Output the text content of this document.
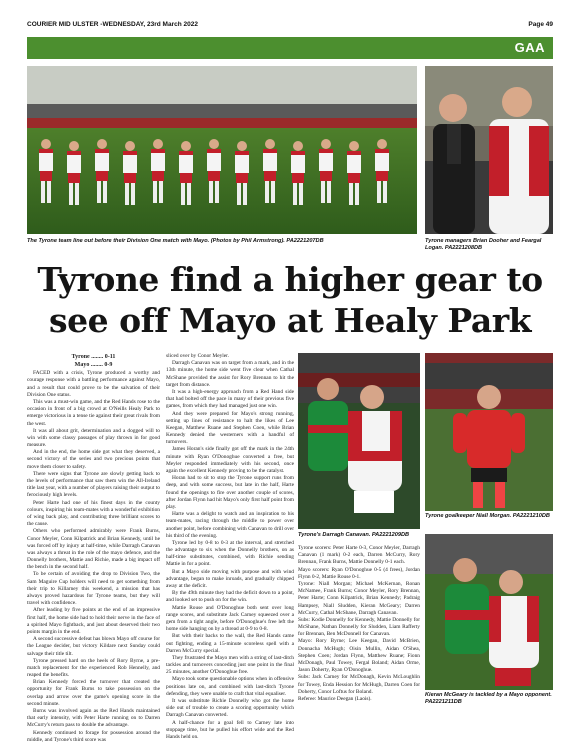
COURIER MID ULSTER -WEDNESDAY, 23rd March 2022	Page 49
GAA
The Tyrone team line out before their Division One match with Mayo. (Photos by Phil Armstrong). PA2221207DB	Tyrone managers Brian Dooher and Feargal Logan. PA2221208DB
Tyrone find a higher gear to see off Mayo at Healy Park

Tyrone ........ 0-11

Mayo ........ 0-9

FACED with a crisis, Tyrone produced a worthy and courage response with a battling performance against Mayo, and a result that could prove to be the salvation of their Division One status.

This was a must-win game, and the Red Hands rose to the occasion in front of a big crowd at O'Neills Healy Park to emerge victorious in a tense tie against their great rivals from the west.

It was all about grit, determination and a dogged will to win with some classy passages of play thrown in for good measure.

And in the end, the home side got what they deserved, a second victory of the series and two precious points that move them closer to safety.

There were signs that Tyrone are slowly getting back to the levels of performance that saw them win the All-Ireland title last year, with a number of players raising their output to ferociously high levels.

Peter Harte had one of his finest days in the county colours, inspiring his team-mates with a wonderful exhibition of wing back play, and contributing three brilliant scores to the cause.

Others who performed admirably were Frank Burns, Conor Meyler, Conn Kilpatrick and Brian Kennedy, until he was forced off by injury at half-time, while Darragh Canavan was always a threat in the role of the mayo defence, and the Donnelly brothers, Mattie and Richie, made a big impact off the bench in the second half.

To be certain of avoiding the drop to Division Two, the Sam Maguire Cup holders will need to get something from their trip to Killarney this weekend, a mission that has always proved hazardous for Tyrone teams, but they will travel with confidence.

After leading by five points at the end of an impressive first half, the home side had to hold their nerve in the face of a spirited Mayo fightback, and just about deserved their two points margin in the end.

A second successive defeat has blown Mayo off course for the League decider, but victory Kildare next Sunday could salvage their title tilt.

Tyrone pressed hard on the heels of Rory Byrne, a pre-match replacement for the experienced Rob Hennelly, and reaped the benefits.

Brian Kennedy forced the turnover that created the opportunity for Frank Burns to take possession on the overlap and arrow over the game's opening score in the second minute.

Burns was involved again as the Red Hands maintained that early intensity, with Peter Harte running on to Darren McCurry's return pass to double the advantage.

Kennedy continued to forage for possession around the middle, and Tyrone's third score was

sliced over by Conor Meyler.

Darragh Canavan was on target from a mark, and in the 13th minute, the home side went five clear when Cathal McShane provided the assist for Rory Brennan to hit the target from distance.

It was a high-energy approach from a Red Hand side that had bolted off the pace in many of their previous five games, from which they had managed just one win.

And they were prepared for Mayo's strong running, setting up lines of resistance to halt the likes of Lee Keegan, Matthew Ruane and Stephen Coen, while Brian Kennedy denied the westerners with a handful of turnovers.

James Horan's side finally got off the mark in the 24th minute with Ryan O'Donoghue converted a free, but Meyler responded immediately with his second, once again the excellent Kennedy proving to be the catalyst.

Horan had to sit to stop the Tyrone support runs from deep, and with some success, but late in the half, Harte found the openings to fire over another couple of scores, after Jordan Flynn had hit Mayo's only first half point from play.

Harte was a delight to watch and an inspiration to his team-mates, racing through the middle to power over another point, before combining with Canavan to drill over his third of the evening.

Tyrone led by 0-8 to 0-3 at the interval, and stretched the advantage to six when the Donnelly brothers, on as half-time substitutes, combined, with Richie sending Mattie in for a point.

But a Mayo side moving with purpose and with wind advantage, began to make inroads, and gradually chipped away at the deficit.

By the 49th minute they had the deficit down to a point, and looked set to push on for the win.

Mattie Rouse and O'Donoghue both sent over long range scores, and substitute Jack Carney squeezed over a gem from a tight angle, before O'Donoghue's free left the home side hanging on by a thread at 0-9 to 0-8.

But with their backs to the wall, the Red Hands came out fighting, ending a 15-minute scoreless spell with a Darren McCurry special.

They frustrated the Mayo men with a string of last-ditch tackles and turnovers conceding just one point in the final 25 minutes, another O'Donoghue free.

Mayo took some questionable options when in offensive positions late on, and combined with last-ditch Tyrone defending, they were unable to craft that vital equaliser.

It was substitute Richie Donnelly who got the home side out of trouble to create a scoring opportunity which Darragh Canavan converted.

A half-chance for a goal fell to Carney late into stoppage time, but he pulled his effort wide and the Red Hands held on.

Tyrone's Darragh Canavan. PA2221209DB

Tyrone scorers: Peter Harte 0-3, Conor Meyler, Darragh Canavan (1 mark) 0-2 each, Darren McCurry, Rory Brennan, Frank Burns, Mattie Donnelly 0-1 each.

Mayo scorers: Ryan O'Donoghue 0-5 (4 frees), Jordan Flynn 0-2, Mattie Rouse 0-1.

Tyrone: Niall Morgan; Michael McKernan, Ronan McNamee, Frank Burns; Conor Meyler, Rory Brennan, Peter Harte; Conn Kilpatrick, Brian Kennedy; Padraig Hampsey, Niall Sludden, Kieran McGeary; Darren McCurry, Cathal McShane, Darragh Canavan.

Subs: Kodie Donnelly for Kennedy, Mattie Donnelly for McShane, Nathan Donnelly for Sludden, Liam Rafferty for Brennan, Ben McDonnell for Canavan.

Mayo: Rory Byrne; Lee Keegan, David McBrien, Donnacha McHugh; Oisin Mullin, Aidan O'Shea, Stephen Coen; Jordan Flynn, Matthew Ruane; Fionn McDonagh, Paul Towey, Fergal Boland; Aidan Orme, Jason Doherty, Ryan O'Donoghue.

Subs: Jack Carney for McDonagh, Kevin McLoughlin for Towey, Enda Hession for McHugh, Darren Coen for Doherty, Conor Loftus for Boland.

Referee: Maurice Deegan (Laois).

Tyrone goalkeeper Niall Morgan. PA2221210DB
Kieran McGeary is tackled by a Mayo opponent. PA2221211DB
